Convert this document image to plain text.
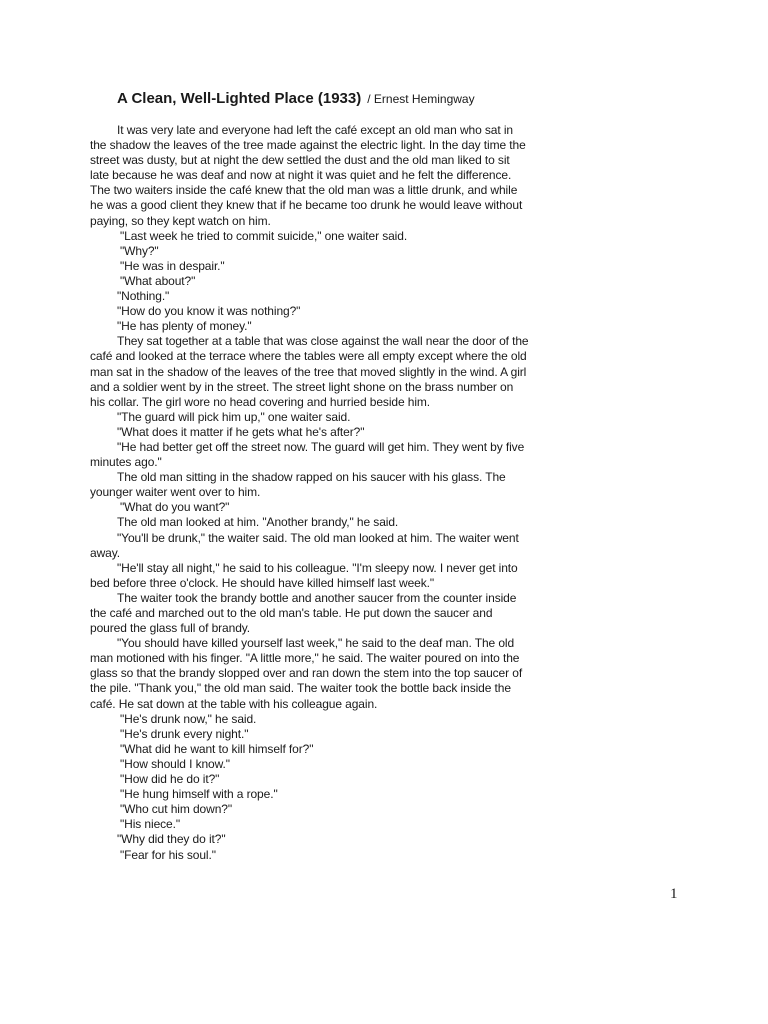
A Clean, Well-Lighted Place (1933) / Ernest Hemingway

It was very late and everyone had left the café except an old man who sat in the shadow the leaves of the tree made against the electric light. In the day time the street was dusty, but at night the dew settled the dust and the old man liked to sit late because he was deaf and now at night it was quiet and he felt the difference. The two waiters inside the café knew that the old man was a little drunk, and while he was a good client they knew that if he became too drunk he would leave without paying, so they kept watch on him.

"Last week he tried to commit suicide," one waiter said.

"Why?"

"He was in despair."

"What about?"

"Nothing."

"How do you know it was nothing?"

"He has plenty of money."

They sat together at a table that was close against the wall near the door of the café and looked at the terrace where the tables were all empty except where the old man sat in the shadow of the leaves of the tree that moved slightly in the wind. A girl and a soldier went by in the street. The street light shone on the brass number on his collar. The girl wore no head covering and hurried beside him.

"The guard will pick him up," one waiter said.

"What does it matter if he gets what he's after?"

"He had better get off the street now. The guard will get him. They went by five minutes ago."

The old man sitting in the shadow rapped on his saucer with his glass. The younger waiter went over to him.

"What do you want?"

The old man looked at him. "Another brandy," he said.

"You'll be drunk," the waiter said. The old man looked at him. The waiter went away.

"He'll stay all night," he said to his colleague. "I'm sleepy now. I never get into bed before three o'clock. He should have killed himself last week."

The waiter took the brandy bottle and another saucer from the counter inside the café and marched out to the old man's table. He put down the saucer and poured the glass full of brandy.

"You should have killed yourself last week," he said to the deaf man. The old man motioned with his finger. "A little more," he said. The waiter poured on into the glass so that the brandy slopped over and ran down the stem into the top saucer of the pile. "Thank you," the old man said. The waiter took the bottle back inside the café. He sat down at the table with his colleague again.

"He's drunk now," he said.

"He's drunk every night."

"What did he want to kill himself for?"

"How should I know."

"How did he do it?"

"He hung himself with a rope."

"Who cut him down?"

"His niece."

"Why did they do it?"

"Fear for his soul."

1
